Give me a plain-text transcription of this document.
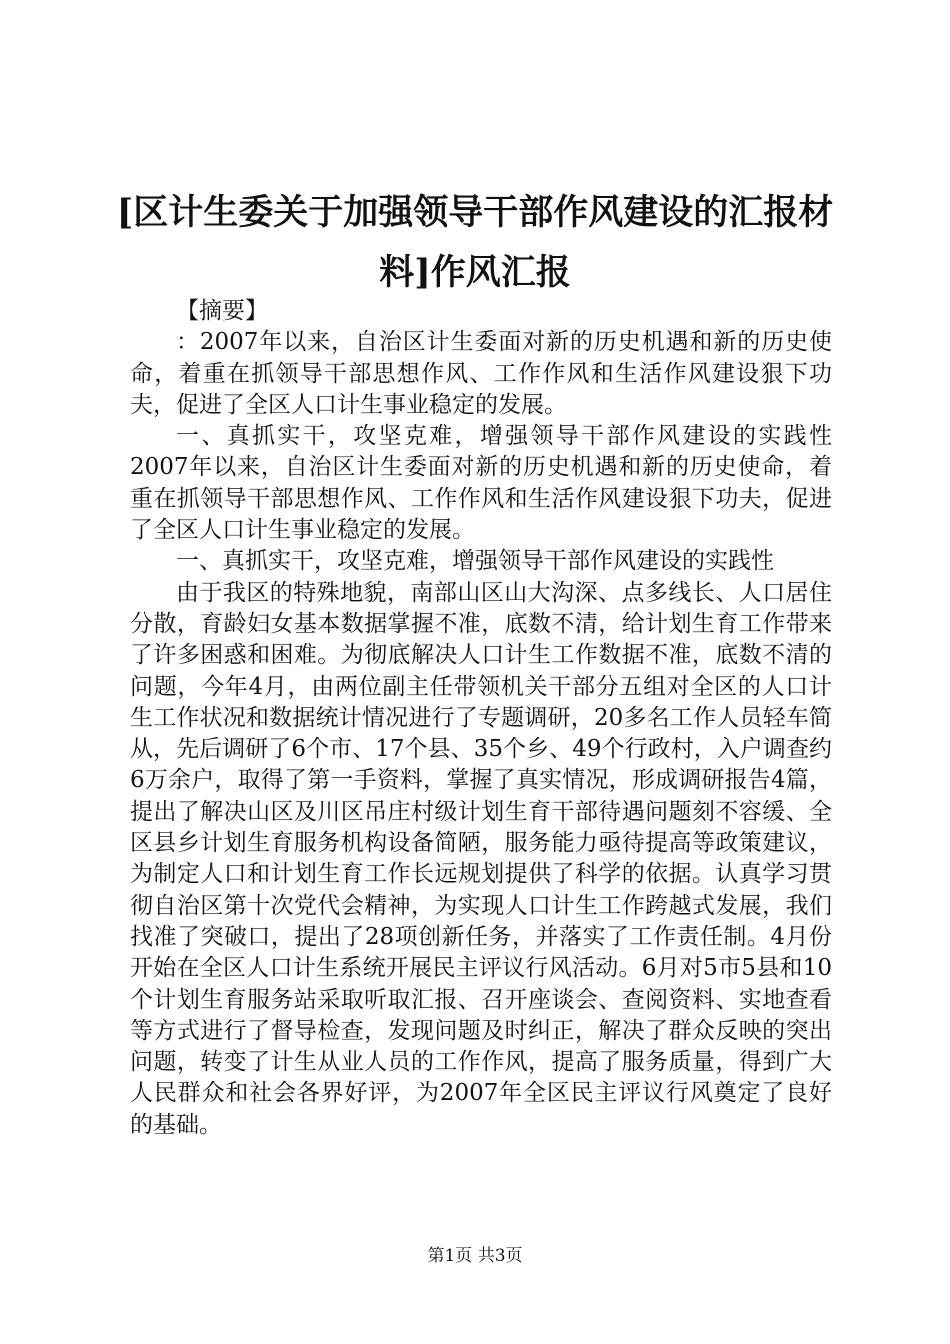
[区计生委关于加强领导干部作风建设的汇报材料]作风汇报

【摘要】

：2007年以来，自治区计生委面对新的历史机遇和新的历史使命，着重在抓领导干部思想作风、工作作风和生活作风建设狠下功夫，促进了全区人口计生事业稳定的发展。

一、真抓实干，攻坚克难，增强领导干部作风建设的实践性2007年以来，自治区计生委面对新的历史机遇和新的历史使命，着重在抓领导干部思想作风、工作作风和生活作风建设狠下功夫，促进了全区人口计生事业稳定的发展。

一、真抓实干，攻坚克难，增强领导干部作风建设的实践性

由于我区的特殊地貌，南部山区山大沟深、点多线长、人口居住分散，育龄妇女基本数据掌握不准，底数不清，给计划生育工作带来了许多困惑和困难。为彻底解决人口计生工作数据不准，底数不清的问题，今年4月，由两位副主任带领机关干部分五组对全区的人口计生工作状况和数据统计情况进行了专题调研，20多名工作人员轻车简从，先后调研了6个市、17个县、35个乡、49个行政村，入户调查约6万余户，取得了第一手资料，掌握了真实情况，形成调研报告4篇，提出了解决山区及川区吊庄村级计划生育干部待遇问题刻不容缓、全区县乡计划生育服务机构设备简陋，服务能力亟待提高等政策建议，为制定人口和计划生育工作长远规划提供了科学的依据。认真学习贯彻自治区第十次党代会精神，为实现人口计生工作跨越式发展，我们找准了突破口，提出了28项创新任务，并落实了工作责任制。4月份开始在全区人口计生系统开展民主评议行风活动。6月对5市5县和10个计划生育服务站采取听取汇报、召开座谈会、查阅资料、实地查看等方式进行了督导检查，发现问题及时纠正，解决了群众反映的突出问题，转变了计生从业人员的工作作风，提高了服务质量，得到广大人民群众和社会各界好评，为2007年全区民主评议行风奠定了良好的基础。

第1页 共3页
